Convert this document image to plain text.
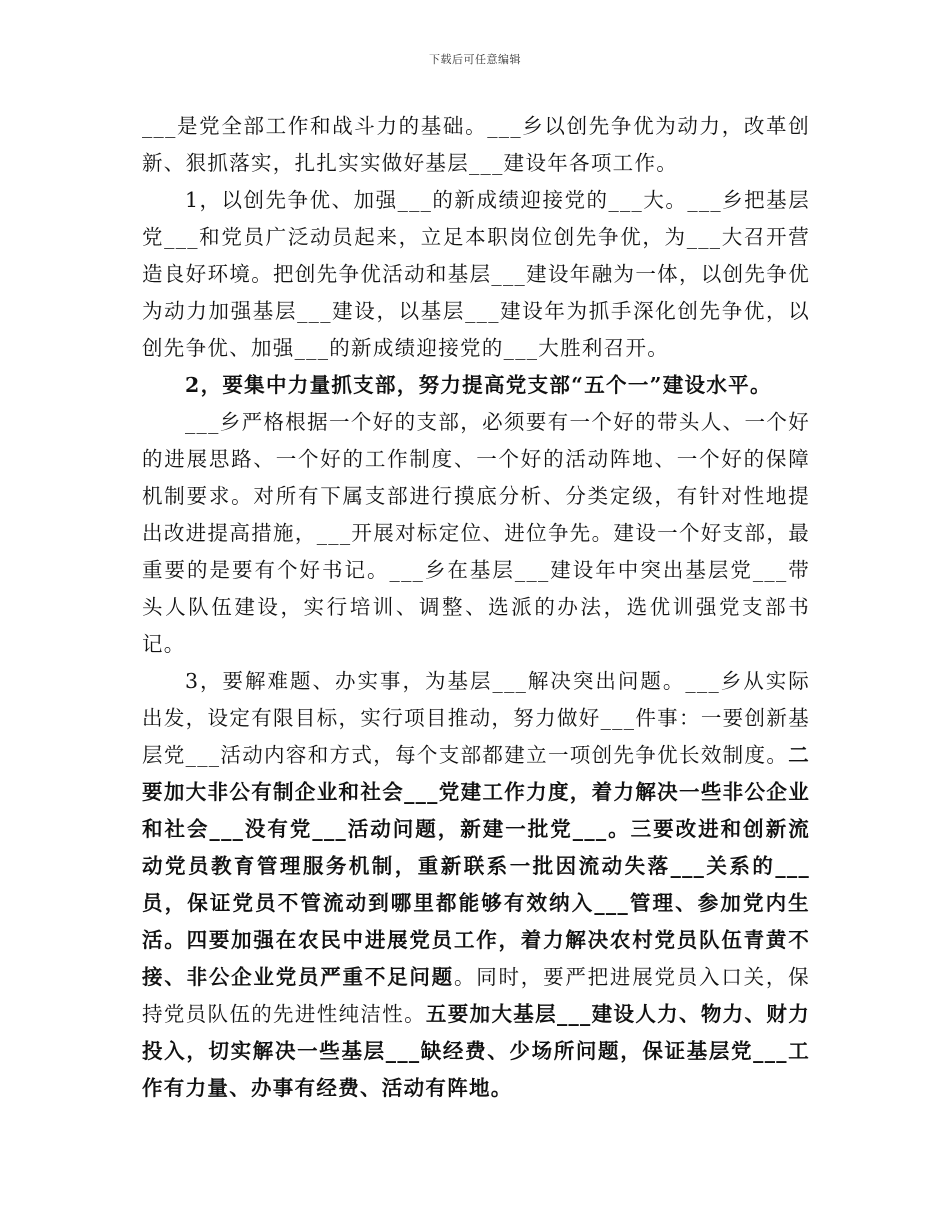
下载后可任意编辑

___是党全部工作和战斗力的基础。___乡以创先争优为动力，改革创新、狠抓落实，扎扎实实做好基层___建设年各项工作。

1，以创先争优、加强___的新成绩迎接党的___大。___乡把基层党___和党员广泛动员起来，立足本职岗位创先争优，为___大召开营造良好环境。把创先争优活动和基层___建设年融为一体，以创先争优为动力加强基层___建设，以基层___建设年为抓手深化创先争优，以创先争优、加强___的新成绩迎接党的___大胜利召开。

2，要集中力量抓支部，努力提高党支部“五个一”建设水平。

___乡严格根据一个好的支部，必须要有一个好的带头人、一个好的进展思路、一个好的工作制度、一个好的活动阵地、一个好的保障机制要求。对所有下属支部进行摸底分析、分类定级，有针对性地提出改进提高措施，___开展对标定位、进位争先。建设一个好支部，最重要的是要有个好书记。___乡在基层___建设年中突出基层党___带头人队伍建设，实行培训、调整、选派的办法，选优训强党支部书记。

3，要解难题、办实事，为基层___解决突出问题。___乡从实际出发，设定有限目标，实行项目推动，努力做好___件事：一要创新基层党___活动内容和方式，每个支部都建立一项创先争优长效制度。二要加大非公有制企业和社会___党建工作力度，着力解决一些非公企业和社会___没有党___活动问题，新建一批党___。三要改进和创新流动党员教育管理服务机制，重新联系一批因流动失落___关系的___员，保证党员不管流动到哪里都能够有效纳入___管理、参加党内生活。四要加强在农民中进展党员工作，着力解决农村党员队伍青黄不接、非公企业党员严重不足问题。同时，要严把进展党员入口关，保持党员队伍的先进性纯洁性。五要加大基层___建设人力、物力、财力投入，切实解决一些基层___缺经费、少场所问题，保证基层党___工作有力量、办事有经费、活动有阵地。
